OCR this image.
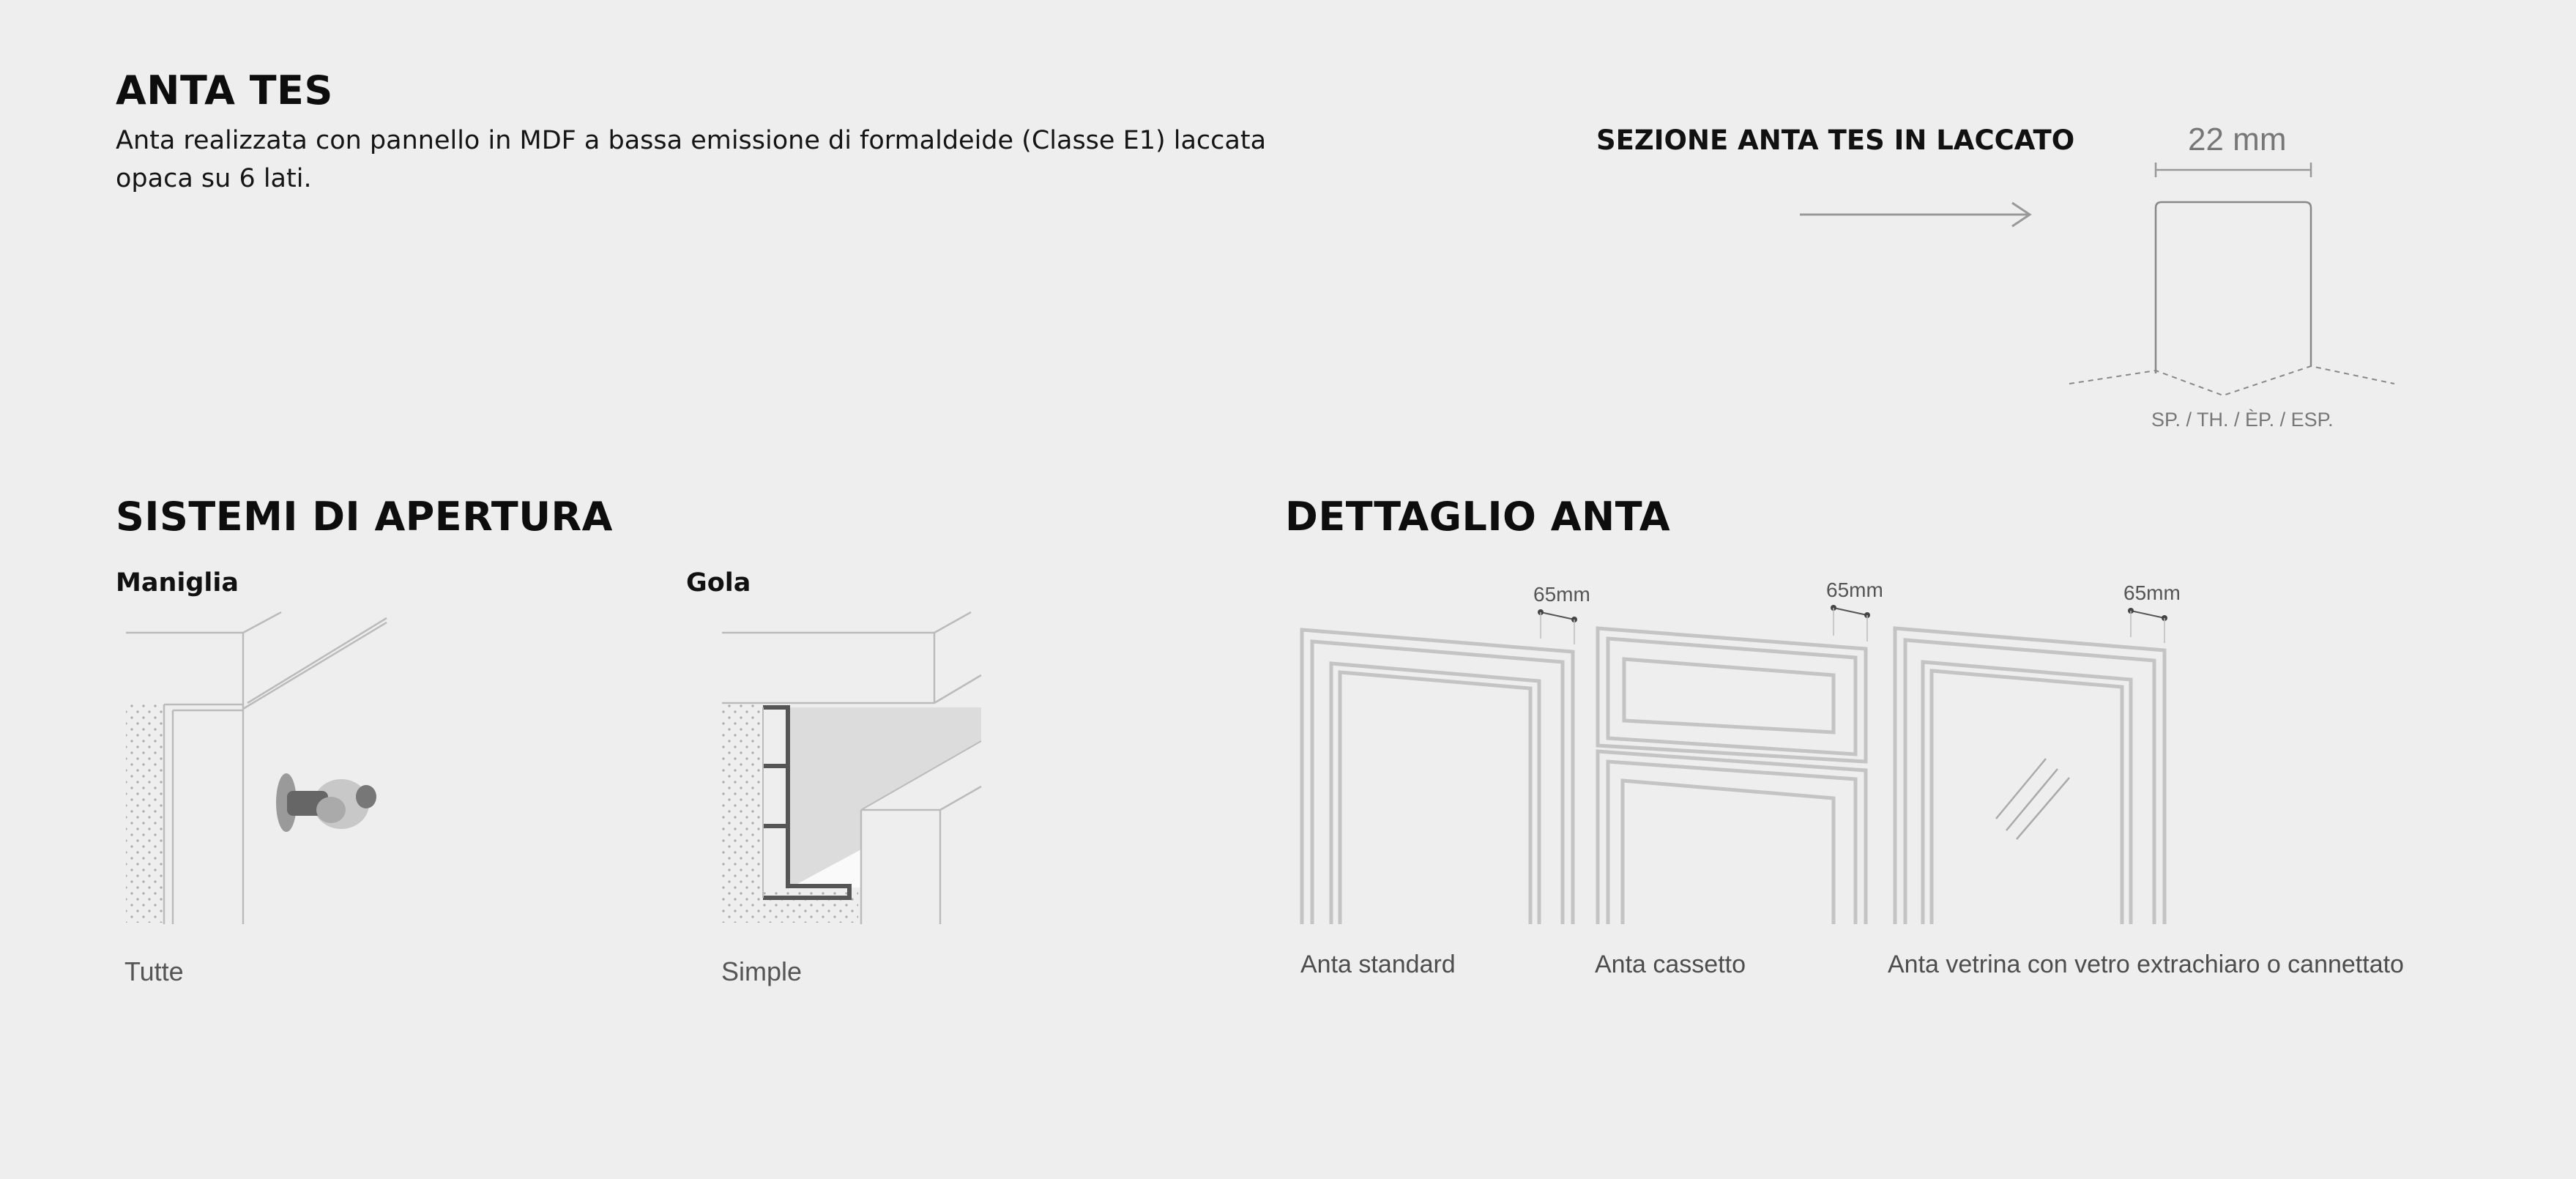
ANTA TES
Anta realizzata con pannello in MDF a bassa emissione di formaldeide (Classe E1) laccata opaca su 6 lati.
SEZIONE ANTA TES IN LACCATO	22 mm
SP. / TH. / ÈP. / ESP.
SISTEMI DI APERTURA
Maniglia	Gola
Tutte	Simple
DETTAGLIO ANTA
65mm	65mm	65mm
Anta standard	Anta cassetto	Anta vetrina con vetro extrachiaro o cannettato
